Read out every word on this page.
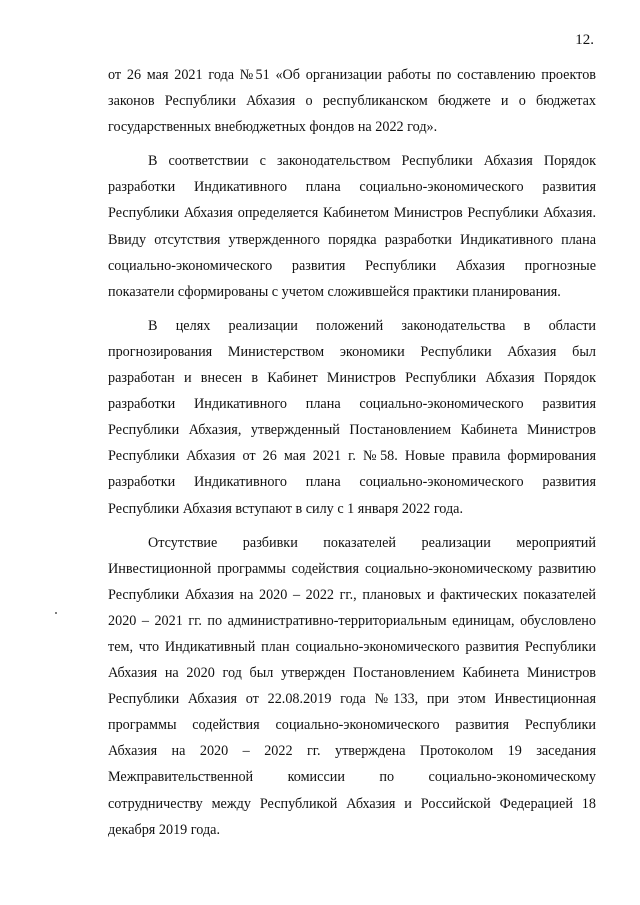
12.

от 26 мая 2021 года №51 «Об организации работы по составлению проектов законов Республики Абхазия о республиканском бюджете и о бюджетах государственных внебюджетных фондов на 2022 год».

В соответствии с законодательством Республики Абхазия Порядок разработки Индикативного плана социально-экономического развития Республики Абхазия определяется Кабинетом Министров Республики Абхазия. Ввиду отсутствия утвержденного порядка разработки Индикативного плана социально-экономического развития Республики Абхазия прогнозные показатели сформированы с учетом сложившейся практики планирования.

В целях реализации положений законодательства в области прогнозирования Министерством экономики Республики Абхазия был разработан и внесен в Кабинет Министров Республики Абхазия Порядок разработки Индикативного плана социально-экономического развития Республики Абхазия, утвержденный Постановлением Кабинета Министров Республики Абхазия от 26 мая 2021 г. №58. Новые правила формирования разработки Индикативного плана социально-экономического развития Республики Абхазия вступают в силу с 1 января 2022 года.

Отсутствие разбивки показателей реализации мероприятий Инвестиционной программы содействия социально-экономическому развитию Республики Абхазия на 2020 – 2022 гг., плановых и фактических показателей 2020 – 2021 гг. по административно-территориальным единицам, обусловлено тем, что Индикативный план социально-экономического развития Республики Абхазия на 2020 год был утвержден Постановлением Кабинета Министров Республики Абхазия от 22.08.2019 года №133, при этом Инвестиционная программы содействия социально-экономического развития Республики Абхазия на 2020 – 2022 гг. утверждена Протоколом 19 заседания Межправительственной комиссии по социально-экономическому сотрудничеству между Республикой Абхазия и Российской Федерацией 18 декабря 2019 года.
